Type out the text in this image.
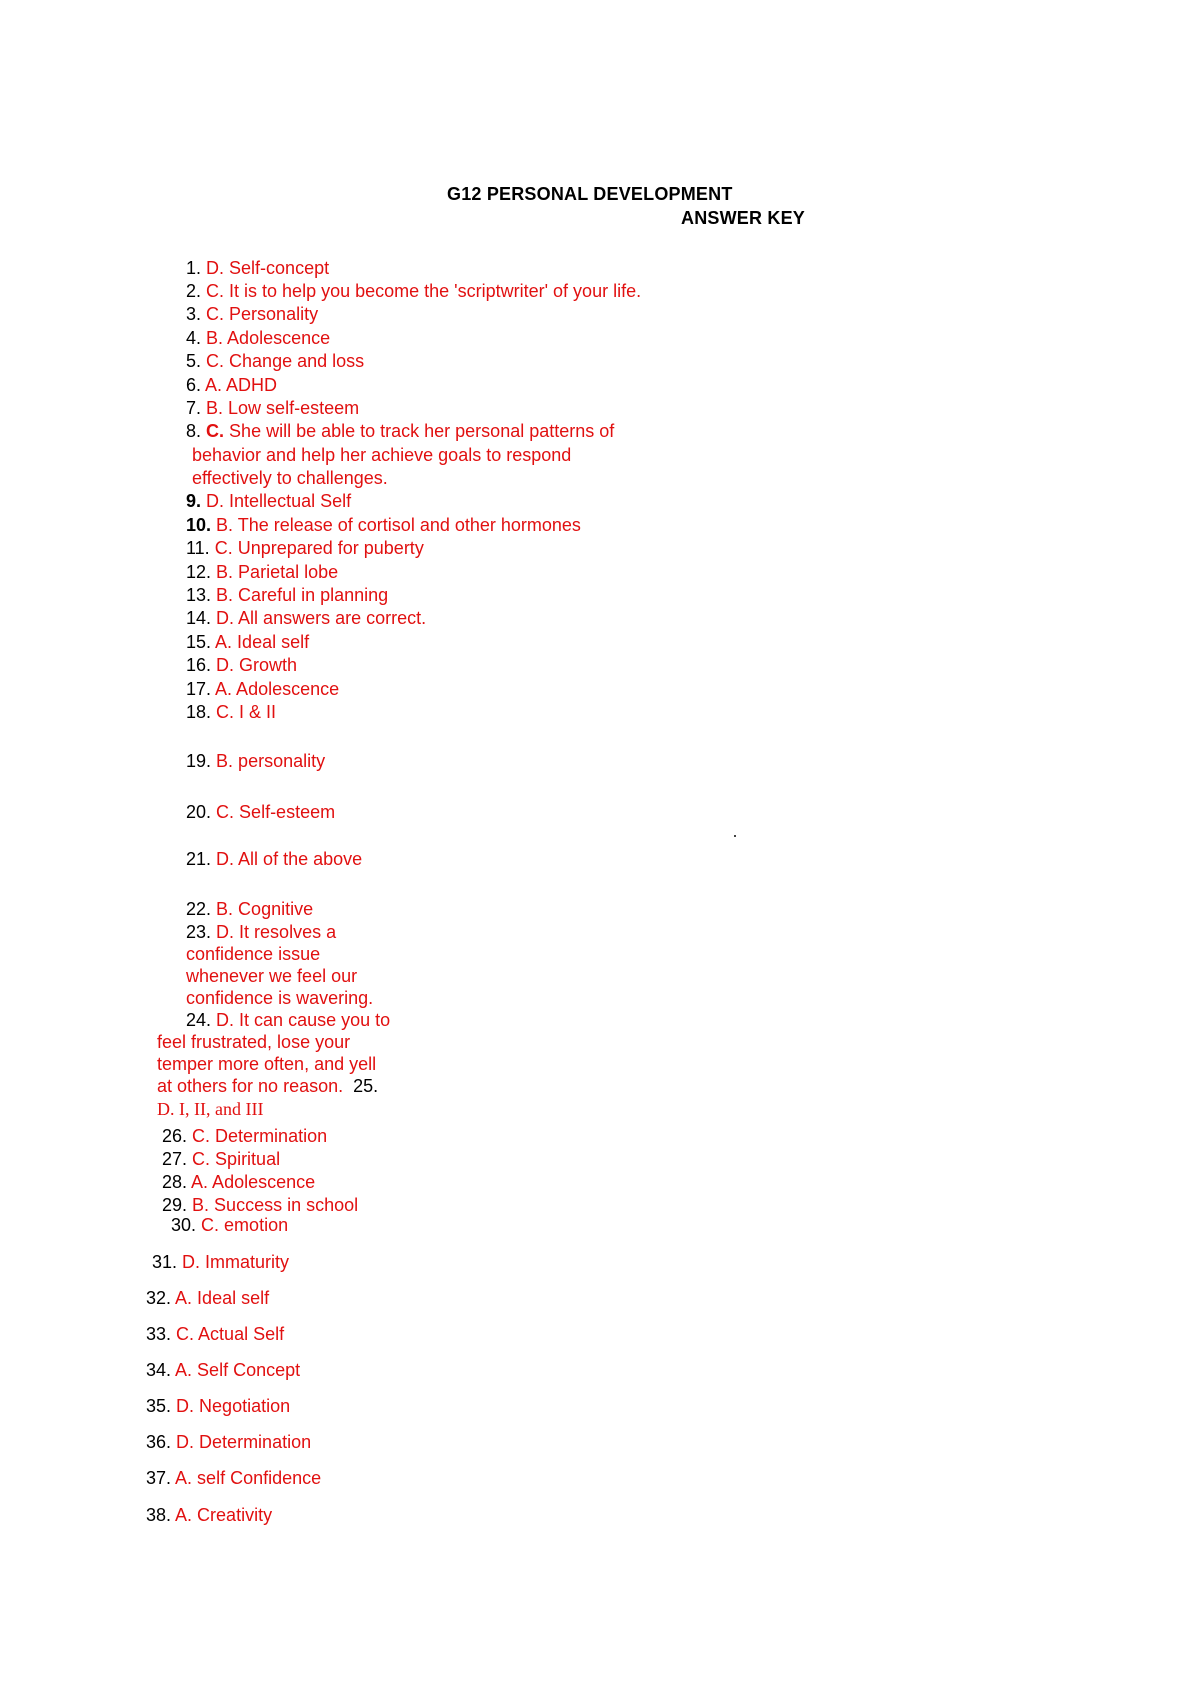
G12 PERSONAL DEVELOPMENT
ANSWER KEY
1. D. Self-concept
2. C. It is to help you become the 'scriptwriter' of your life.
3. C. Personality
4. B. Adolescence
5. C. Change and loss
6. A. ADHD
7. B. Low self-esteem
8. C. She will be able to track her personal patterns of
behavior and help her achieve goals to respond
effectively to challenges.
9. D. Intellectual Self
10. B. The release of cortisol and other hormones
11. C. Unprepared for puberty
12. B. Parietal lobe
13. B. Careful in planning
14. D. All answers are correct.
15. A. Ideal self
16. D. Growth
17. A. Adolescence
18. C. I & II
19. B. personality
20. C. Self-esteem
21. D. All of the above
22. B. Cognitive
23. D. It resolves a
confidence issue
whenever we feel our
confidence is wavering.
24. D. It can cause you to
feel frustrated, lose your
temper more often, and yell
at others for no reason. 25.
D. I, II, and III
26. C. Determination
27. C. Spiritual
28. A. Adolescence
29. B. Success in school
30. C. emotion
31. D. Immaturity
32. A. Ideal self
33. C. Actual Self
34. A. Self Concept
35. D. Negotiation
36. D. Determination
37. A. self Confidence
38. A. Creativity
